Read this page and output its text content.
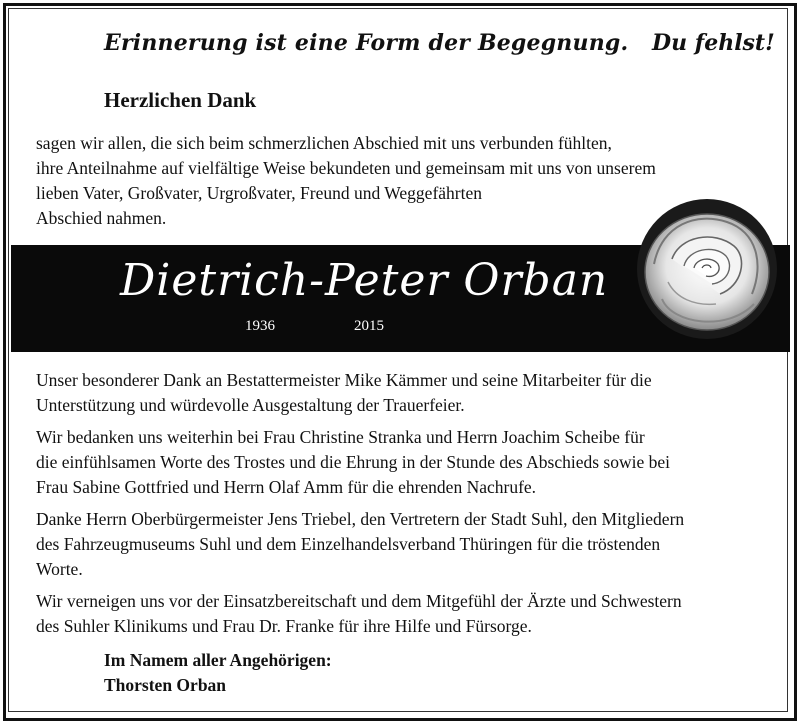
Erinnerung ist eine Form der Begegnung. Du fehlst!
Herzlichen Dank
sagen wir allen, die sich beim schmerzlichen Abschied mit uns verbunden fühlten,
ihre Anteilnahme auf vielfältige Weise bekundeten und gemeinsam mit uns von unserem
lieben Vater, Großvater, Urgroßvater, Freund und Weggefährten
Abschied nahmen.
Dietrich-Peter Orban
1936	2015

Unser besonderer Dank an Bestattermeister Mike Kämmer und seine Mitarbeiter für die
Unterstützung und würdevolle Ausgestaltung der Trauerfeier.

Wir bedanken uns weiterhin bei Frau Christine Stranka und Herrn Joachim Scheibe für
die einfühlsamen Worte des Trostes und die Ehrung in der Stunde des Abschieds sowie bei
Frau Sabine Gottfried und Herrn Olaf Amm für die ehrenden Nachrufe.

Danke Herrn Oberbürgermeister Jens Triebel, den Vertretern der Stadt Suhl, den Mitgliedern
des Fahrzeugmuseums Suhl und dem Einzelhandelsverband Thüringen für die tröstenden
Worte.

Wir verneigen uns vor der Einsatzbereitschaft und dem Mitgefühl der Ärzte und Schwestern
des Suhler Klinikums und Frau Dr. Franke für ihre Hilfe und Fürsorge.

Im Namem aller Angehörigen:
Thorsten Orban
